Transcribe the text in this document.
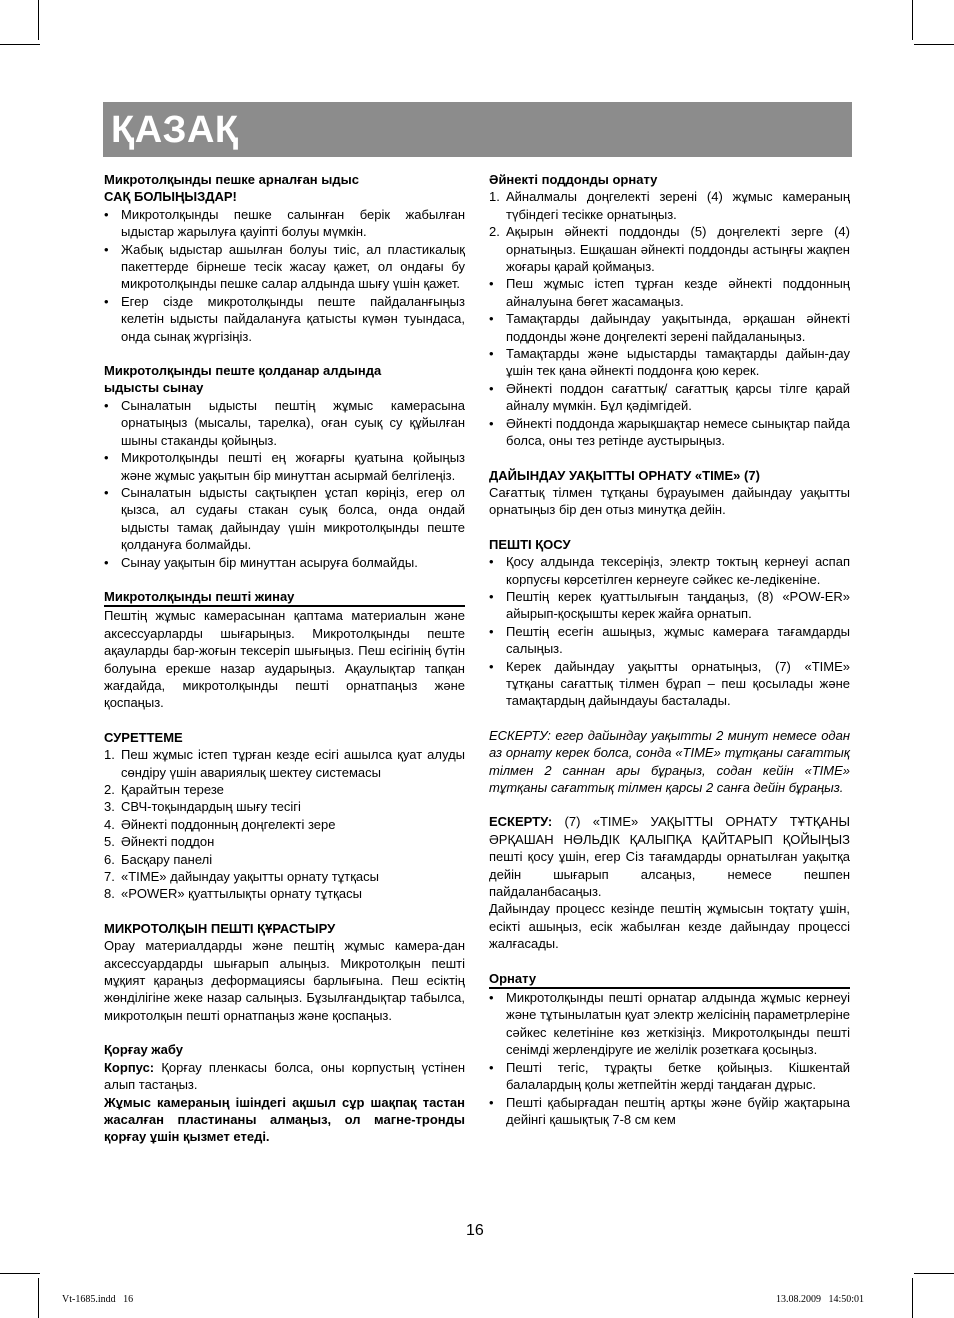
ҚАЗАҚ
Микротолқынды пешке арналған ыдыс
САҚ БОЛЫҢЫЗДАР!
• Микротолқынды пешке салынған берік жабылған ыдыстар жарылуға қауіпті болуы мүмкін.
• Жабық ыдыстар ашылған болуы тиіс, ал пластикалық пакеттерде бірнеше тесік жасау қажет, ол ондағы бу микротолқынды пешке салар алдында шығу үшін қажет.
• Егер сізде микротолқынды пеште пайдаланғыңыз келетін ыдысты пайдалануға қатысты күмән туындаса, онда сынақ жүргізіңіз.
Микротолқынды пеште қолданар алдында
ыдысты сынау
• Сыналатын ыдысты пештің жұмыс камерасына орнатыңыз (мысалы, тарелка), оған суық су құйылған шыны стаканды қойыңыз.
• Микротолқынды пешті ең жоғарғы қуатына қойыңыз және жұмыс уақытын бір минуттан асырмай белгілеңіз.
• Сыналатын ыдысты сақтықпен ұстап көріңіз, егер ол қызса, ал судағы стакан суық болса, онда ондай ыдысты тамақ дайындау үшін микротолқынды пеште қолдануға болмайды.
• Сынау уақытын бір минуттан асыруға болмайды.
Микротолқынды пешті жинау

Пештің жұмыс камерасынан қаптама материалын және аксессуарларды шығарыңыз. Микротолқынды пеште ақауларды бар-жоғын тексеріп шығыңыз. Пеш есігінің бүтін болуына ерекше назар аударыңыз. Ақаулықтар тапқан жағдайда, микротолқынды пешті орнатпаңыз және қоспаңыз.

СУРЕТТЕМЕ
1. Пеш жұмыс істеп тұрған кезде есігі ашылса қуат алуды сөндіру үшін авариялық шектеу системасы
2. Қарайтын терезе
3. СВЧ-тоқындардың шығу тесігі
4. Әйнекті поддонның доңгелекті зере
5. Әйнекті поддон
6. Басқару панелі
7. «TIME» дайындау уақытты орнату тұтқасы
8. «POWER» қуаттылықты орнату тұтқасы
МИКРОТОЛҚЫН ПЕШТІ ҚҰРАСТЫРУ

Орау материалдарды және пештің жұмыс камера-дан аксессуардарды шығарып алыңыз. Микротолқын пешті мұқият қараңыз деформациясы барлығына. Пеш есіктің жөнділігіне жеке назар салыңыз. Бұзылғандықтар табылса, микротолқын пешті орнатпаңыз және қоспаңыз.

Қорғау жабу

Корпус: Қорғау пленкасы болса, оны корпустың үстінен алып тастаңыз.

Жұмыс камераның ішіндегі ақшыл сұр шақпақ тастан жасалған пластинаны алмаңыз, ол магне-тронды қорғау ұшін қызмет етеді.

Әйнекті поддонды орнату
1. Айналмалы доңгелекті зерені (4) жұмыс камераның түбіндегі тесікке орнатыңыз.
2. Ақырын әйнекті поддонды (5) доңгелекті зерге (4) орнатыңыз. Ешқашан әйнекті поддонды астыңғы жақпен жоғары қарай қоймаңыз.
• Пеш жұмыс істеп тұрған кезде әйнекті поддонның айналуына бөгет жасамаңыз.
• Тамақтарды дайындау уақытында, әрқашан әйнекті поддонды және доңгелекті зерені пайдаланыңыз.
• Тамақтарды және ыдыстарды тамақтарды дайын-дау ұшін тек қана әйнекті поддонға қою керек.
• Әйнекті поддон сағаттық/ сағаттық қарсы тілге қарай айналу мүмкін. Бұл қәдімгідей.
• Әйнекті поддонда жарықшақтар немесе сынықтар пайда болса, оны тез ретінде аустырыңыз.
ДАЙЫНДАУ УАҚЫТТЫ ОРНАТУ «TIME» (7)

Сағаттық тілмен тұтқаны бұрауымен дайындау уақытты орнатыңыз бір ден отыз минутқа дейін.

ПЕШТІ ҚОСУ
• Қосу алдында тексеріңіз, электр токтың кернеуі аспап корпусғы көрсетілген кернеуге сәйкес ке-ледікеніне.
• Пештің керек қуаттылығын таңдаңыз, (8) «POW-ER» айырып-қосқышты керек жайға орнатып.
• Пештің есегін ашыңыз, жұмыс камераға тағамдарды салыңыз.
• Керек дайындау уақытты орнатыңыз, (7) «TIME» тұтқаны сағаттық тілмен бұрап – пеш қосылады және тамақтардың дайындауы басталады.

ЕСКЕРТУ: егер дайындау уақытты 2 минут немесе одан аз орнату керек болса, сонда «TIME» тұтқаны сағаттық тілмен 2 саннан ары бұраңыз, содан кейін «TIME» тұтқаны сағаттық тілмен қарсы 2 санға дейін бұраңыз.

ЕСКЕРТУ: (7) «TIME» УАҚЫТТЫ ОРНАТУ ТҰТҚАНЫ ӘРҚАШАН НӨЛЬДІК ҚАЛЫПҚА ҚАЙТАРЫП ҚОЙЫҢЫЗ пешті қосу ұшін, егер Сіз тағамдарды орнатылған уақытқа дейін шығарып алсаңыз, немесе пешпен пайдаланбасаңыз.

Дайындау процесс кезінде пештің жұмысын тоқтату ұшін, есікті ашыңыз, есік жабылған кезде дайындау процессі жалғасады.

Орнату
• Микротолқынды пешті орнатар алдында жұмыс кернеуі және тұтынылатын қуат электр желісінің параметрлеріне сәйкес келетініне көз жеткізіңіз. Микротолқынды пешті сенімді жерлендіруге ие желілік розеткаға қосыңыз.
• Пешті тегіс, тұрақты бетке қойыңыз. Кішкентай балалардың қолы жетпейтін жерді таңдаған дұрыс.
• Пешті қабырғадан пештің артқы және бүйір жақтарына дейінгі қашықтық 7-8 см кем
16
Vt-1685.indd   16	13.08.2009   14:50:01
